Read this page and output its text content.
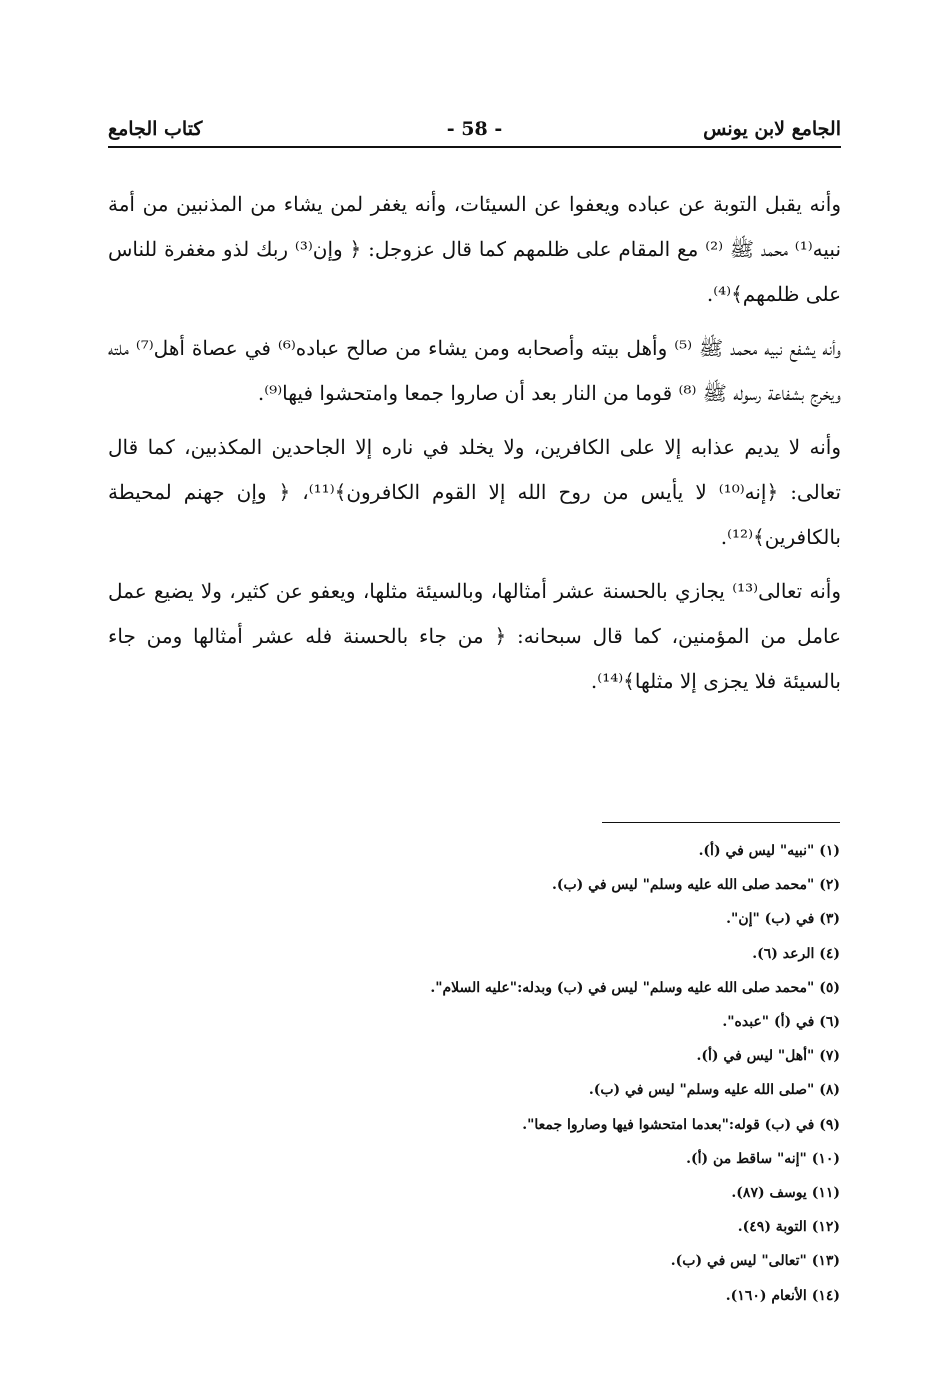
الجامع لابن يونس
- 58 -
كتاب الجامع

وأنه يقبل التوبة عن عباده ويعفوا عن السيئات، وأنه يغفر لمن يشاء من المذنبين من أمة نبيه⁽¹⁾ محمد ﷺ ⁽²⁾ مع المقام على ظلمهم كما قال عزوجل: ﴿ وإن⁽³⁾ ربك لذو مغفرة للناس على ظلمهم﴾⁽⁴⁾.

وأنه يشفع نبيه محمد ﷺ ⁽⁵⁾ وأهل بيته وأصحابه ومن يشاء من صالح عباده⁽⁶⁾ في عصاة أهل⁽⁷⁾ ملته ويخرج بشفاعة رسوله ﷺ ⁽⁸⁾ قوما من النار بعد أن صاروا جمعا وامتحشوا فيها⁽⁹⁾.

وأنه لا يديم عذابه إلا على الكافرين، ولا يخلد في ناره إلا الجاحدين المكذبين، كما قال تعالى: ﴿إنه⁽¹⁰⁾ لا يأيس من روح الله إلا القوم الكافرون﴾⁽¹¹⁾، ﴿ وإن جهنم لمحيطة بالكافرين﴾⁽¹²⁾.

وأنه تعالى⁽¹³⁾ يجازي بالحسنة عشر أمثالها، وبالسيئة مثلها، ويعفو عن كثير، ولا يضيع عمل عامل من المؤمنين، كما قال سبحانه: ﴿ من جاء بالحسنة فله عشر أمثالها ومن جاء بالسيئة فلا يجزى إلا مثلها﴾⁽¹⁴⁾.

(١) "نبيه" ليس في (أ).
(٢) "محمد صلى الله عليه وسلم" ليس في (ب).
(٣) في (ب) "إن".
(٤) الرعد (٦).
(٥) "محمد صلى الله عليه وسلم" ليس في (ب) وبدله:"عليه السلام".
(٦) في (أ) "عبده".
(٧) "أهل" ليس في (أ).
(٨) "صلى الله عليه وسلم" ليس في (ب).
(٩) في (ب) قوله:"بعدما امتحشوا فيها وصاروا جمعا".
(١٠) "إنه" ساقط من (أ).
(١١) يوسف (٨٧).
(١٢) التوبة (٤٩).
(١٣) "تعالى" ليس في (ب).
(١٤) الأنعام (١٦٠).
